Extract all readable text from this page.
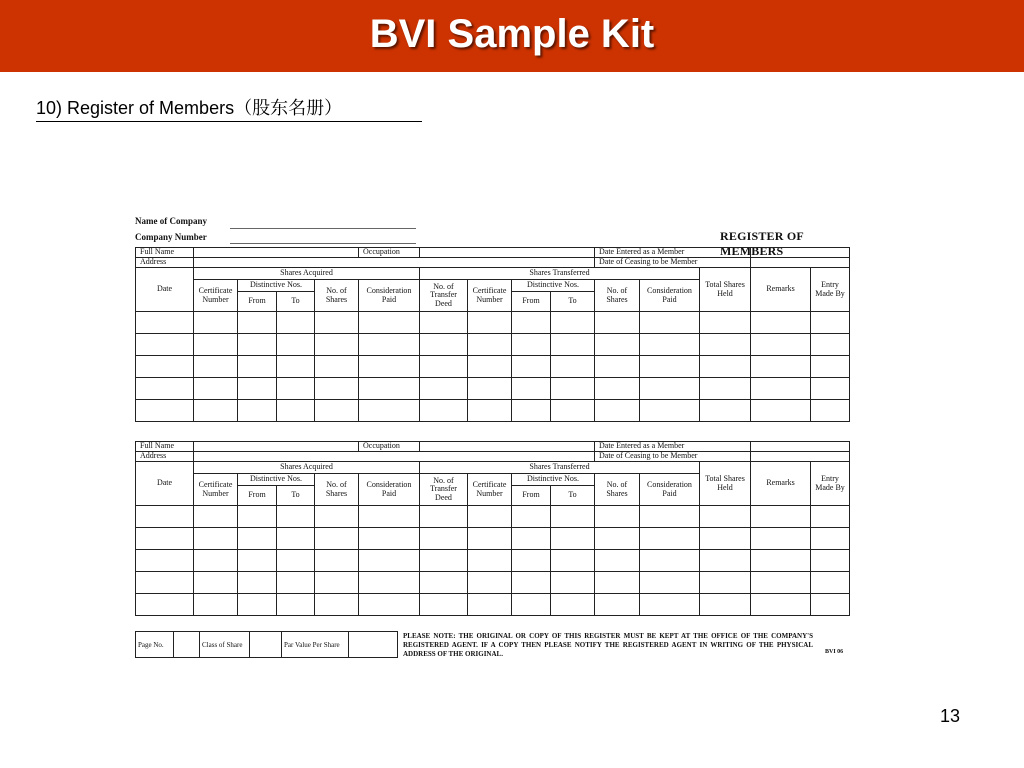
BVI Sample Kit
10) Register of Members（股东名册）
Name of Company
Company Number	REGISTER OF MEMBERS
Full Name					Occupation					Date Entered as a Member				
Address										Date of Ceasing to be Member				
Date	Shares Acquired					Shares Transferred						Total Shares Held	Remarks	Entry Made By
	Certificate Number	Distinctive Nos.		No. of Shares	Consideration Paid	No. of Transfer Deed	Certificate Number	Distinctive Nos.		No. of Shares	Consideration Paid			
		From	To					From	To					

Full Name					Occupation					Date Entered as a Member				
Address										Date of Ceasing to be Member				
Date	Shares Acquired					Shares Transferred						Total Shares Held	Remarks	Entry Made By
	Certificate Number	Distinctive Nos.		No. of Shares	Consideration Paid	No. of Transfer Deed	Certificate Number	Distinctive Nos.		No. of Shares	Consideration Paid			
		From	To					From	To					

Page No.		Class of Share		Par Value Per Share	
PLEASE NOTE: THE ORIGINAL OR COPY OF THIS REGISTER MUST BE KEPT AT THE OFFICE OF THE COMPANY'S REGISTERED AGENT. IF A COPY THEN PLEASE NOTIFY THE REGISTERED AGENT IN WRITING OF THE PHYSICAL ADDRESS OF THE ORIGINAL.	BVI 06
13
